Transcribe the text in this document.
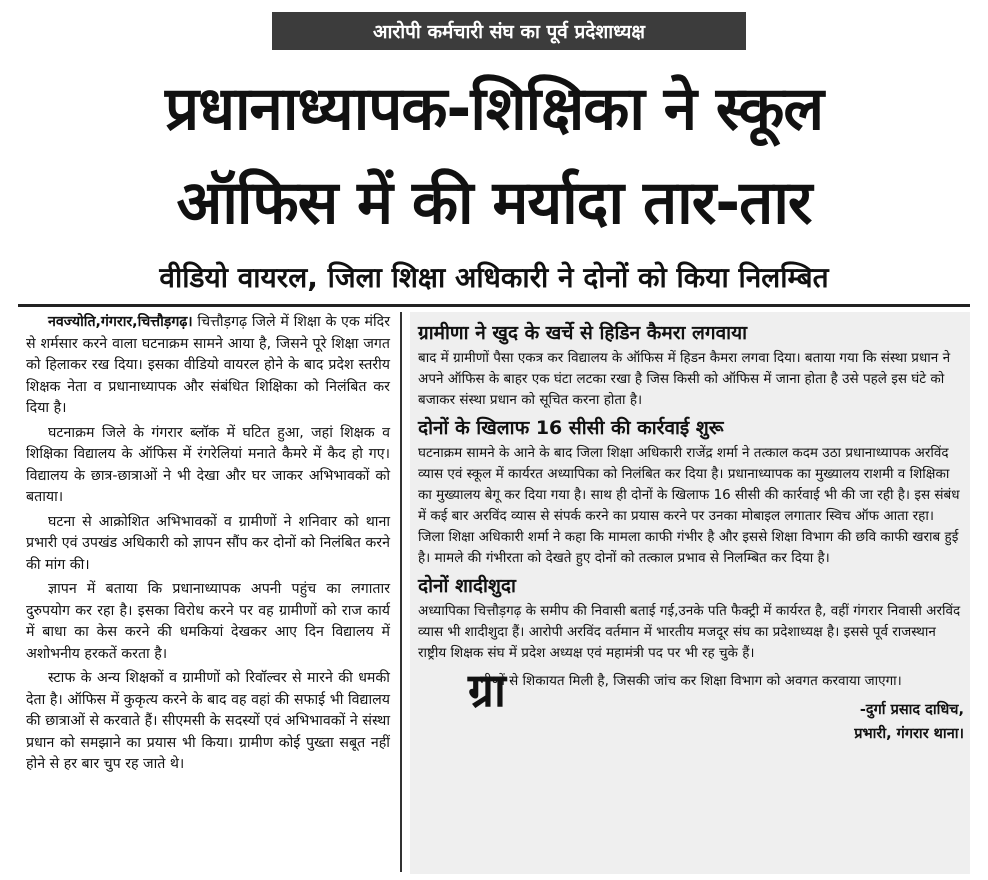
आरोपी कर्मचारी संघ का पूर्व प्रदेशाध्यक्ष
प्रधानाध्यापक-शिक्षिका ने स्कूल
ऑफिस में की मर्यादा तार-तार
वीडियो वायरल, जिला शिक्षा अधिकारी ने दोनों को किया निलम्बित

नवज्योति,गंगरार,चित्तौड़गढ़। चित्तौड़गढ़ जिले में शिक्षा के एक मंदिर से शर्मसार करने वाला घटनाक्रम सामने आया है, जिसने पूरे शिक्षा जगत को हिलाकर रख दिया। इसका वीडियो वायरल होने के बाद प्रदेश स्तरीय शिक्षक नेता व प्रधानाध्यापक और संबंधित शिक्षिका को निलंबित कर दिया है।

घटनाक्रम जिले के गंगरार ब्लॉक में घटित हुआ, जहां शिक्षक व शिक्षिका विद्यालय के ऑफिस में रंगरेलियां मनाते कैमरे में कैद हो गए। विद्यालय के छात्र-छात्राओं ने भी देखा और घर जाकर अभिभावकों को बताया।

घटना से आक्रोशित अभिभावकों व ग्रामीणों ने शनिवार को थाना प्रभारी एवं उपखंड अधिकारी को ज्ञापन सौंप कर दोनों को निलंबित करने की मांग की।

ज्ञापन में बताया कि प्रधानाध्यापक अपनी पहुंच का लगातार दुरुपयोग कर रहा है। इसका विरोध करने पर वह ग्रामीणों को राज कार्य में बाधा का केस करने की धमकियां देखकर आए दिन विद्यालय में अशोभनीय हरकतें करता है।

स्टाफ के अन्य शिक्षकों व ग्रामीणों को रिवॉल्वर से मारने की धमकी देता है। ऑफिस में कुकृत्य करने के बाद वह वहां की सफाई भी विद्यालय की छात्राओं से करवाते हैं। सीएमसी के सदस्यों एवं अभिभावकों ने संस्था प्रधान को समझाने का प्रयास भी किया। ग्रामीण कोई पुख्ता सबूत नहीं होने से हर बार चुप रह जाते थे।

ग्रामीणा ने खुद के खर्चे से हिडिन कैमरा लगवाया

बाद में ग्रामीणों पैसा एकत्र कर विद्यालय के ऑफिस में हिडन कैमरा लगवा दिया। बताया गया कि संस्था प्रधान ने अपने ऑफिस के बाहर एक घंटा लटका रखा है जिस किसी को ऑफिस में जाना होता है उसे पहले इस घंटे को बजाकर संस्था प्रधान को सूचित करना होता है।

दोनों के खिलाफ 16 सीसी की कार्रवाई शुरू

घटनाक्रम सामने के आने के बाद जिला शिक्षा अधिकारी राजेंद्र शर्मा ने तत्काल कदम उठा प्रधानाध्यापक अरविंद व्यास एवं स्कूल में कार्यरत अध्यापिका को निलंबित कर दिया है। प्रधानाध्यापक का मुख्यालय राशमी व शिक्षिका का मुख्यालय बेगू कर दिया गया है। साथ ही दोनों के खिलाफ 16 सीसी की कार्रवाई भी की जा रही है। इस संबंध में कई बार अरविंद व्यास से संपर्क करने का प्रयास करने पर उनका मोबाइल लगातार स्विच ऑफ आता रहा। जिला शिक्षा अधिकारी शर्मा ने कहा कि मामला काफी गंभीर है और इससे शिक्षा विभाग की छवि काफी खराब हुई है। मामले की गंभीरता को देखते हुए दोनों को तत्काल प्रभाव से निलम्बित कर दिया है।

दोनों शादीशुदा

अध्यापिका चित्तौड़गढ़ के समीप की निवासी बताई गई,उनके पति फैक्ट्री में कार्यरत है, वहीं गंगरार निवासी अरविंद व्यास भी शादीशुदा हैं। आरोपी अरविंद वर्तमान में भारतीय मजदूर संघ का प्रदेशाध्यक्ष है। इससे पूर्व राजस्थान राष्ट्रीय शिक्षक संघ में प्रदेश अध्यक्ष एवं महामंत्री पद पर भी रह चुके हैं।

ग्रा
मीणों से शिकायत मिली है, जिसकी जांच कर शिक्षा विभाग को अवगत करवाया जाएगा।
-दुर्गा प्रसाद दाधिच,
प्रभारी, गंगरार थाना।
